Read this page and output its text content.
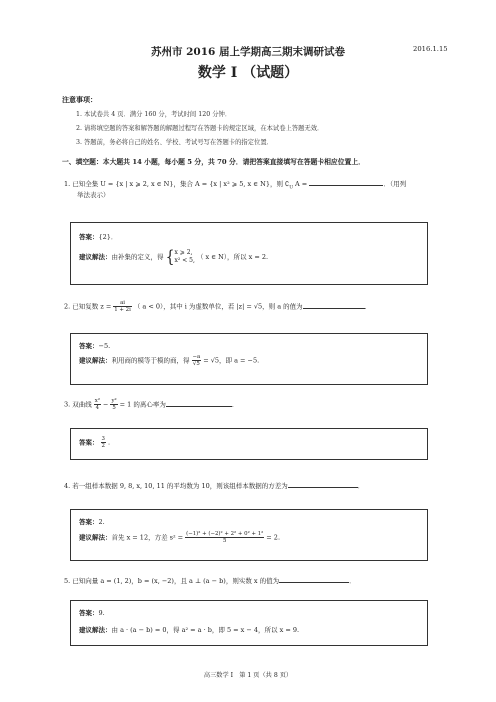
苏州市 2016 届上学期高三期末调研试卷	2016.1.15
数学 I （试题）
注意事项：
1. 本试卷共 4 页．满分 160 分，考试时间 120 分钟．
2. 请将填空题的答案和解答题的解题过程写在答题卡的规定区域，在本试卷上答题无效．
3. 答题前，务必将自己的姓名、学校、考试号写在答题卡的指定位置．
一、填空题：本大题共 14 小题，每小题 5 分，共 70 分．请把答案直接填写在答题卡相应位置上．
1. 已知全集 U = {x | x ⩾ 2, x ∈ N}，集合 A = {x | x² ⩾ 5, x ∈ N}，则 $∁_U$ A =	．（用列
举法表示）
答案：{2}．
建议解法：由补集的定义，得 { x ⩾ 2,
x² < 5, （ x ∈ N），所以 x = 2.
2. 已知复数 $z = \frac{ai}{1 + 2i}$ （ a < 0），其中 i 为虚数单位，若 |z| = √5，则 a 的值为	．
答案：−5.
建议解法：利用商的模等于模的商，得 $\frac{-a}{√5} = √5$，即 a = −5.
3. 双曲线 $\frac{\text{x²}}{4} - \frac{\text{y²}}{5} = 1$ 的离心率为	．
答案： $\frac{3}{2}$ .
4. 若一组样本数据 9, 8, x, 10, 11 的平均数为 10，则该组样本数据的方差为	．
答案：2.
建议解法：首先 x = 12，方差 $s^2 = \frac{\text{(−1)² + (−2)² + 2² + 0² + 1²}}{5} = 2$.
5. 已知向量 a = (1, 2)，b = (x, −2)，且 a ⊥ (a − b)，则实数 x 的值为	．
答案：9.
建议解法：由 a · (a − b) = 0，得 a² = a · b，即 5 = x − 4，所以 x = 9.
高三数学 I　第 1 页（共 8 页）
